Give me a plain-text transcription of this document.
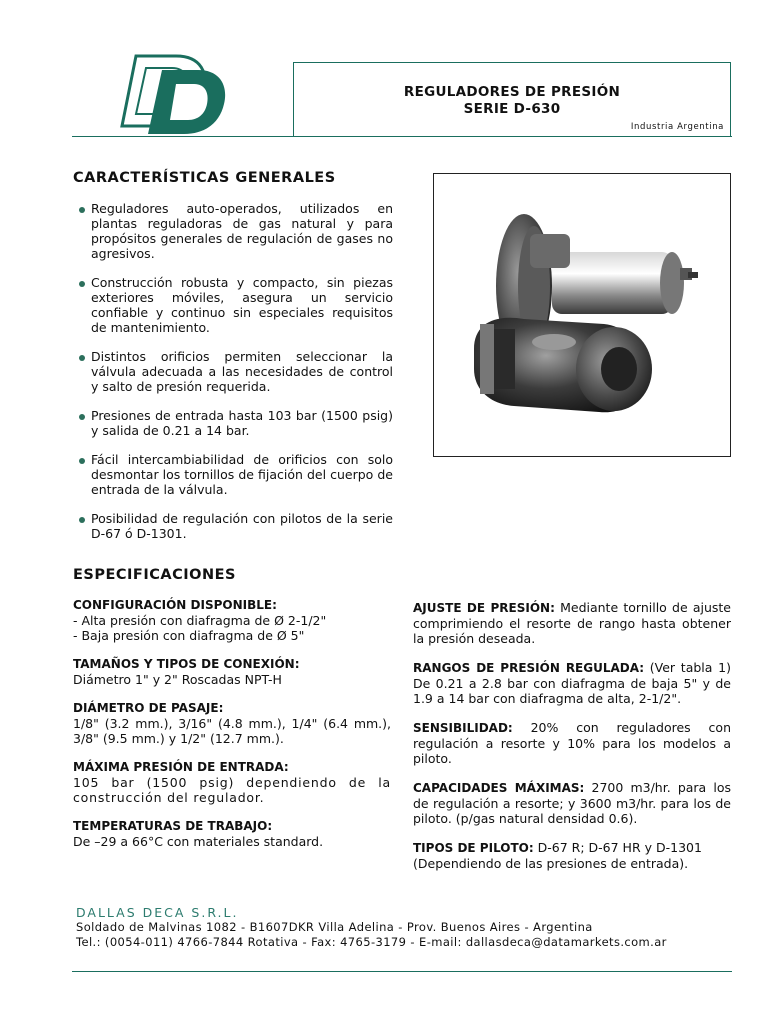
REGULADORES DE PRESIÓN
SERIE D-630
Industria Argentina
CARACTERÍSTICAS GENERALES
Reguladores auto-operados, utilizados en plantas reguladoras de gas natural y para propósitos generales de regulación de gases no agresivos.
Construcción robusta y compacto, sin piezas exteriores móviles, asegura un servicio confiable y continuo sin especiales requisitos de mantenimiento.
Distintos orificios permiten seleccionar la válvula adecuada a las necesidades de control y salto de presión requerida.
Presiones de entrada hasta 103 bar (1500 psig) y salida de 0.21 a 14 bar.
Fácil intercambiabilidad de orificios con solo desmontar los tornillos de fijación del cuerpo de entrada de la válvula.
Posibilidad de regulación con pilotos de la serie D-67 ó D-1301.
ESPECIFICACIONES
CONFIGURACIÓN DISPONIBLE:
- Alta presión con diafragma de Ø 2-1/2"
- Baja presión con diafragma de Ø 5"
TAMAÑOS Y TIPOS DE CONEXIÓN:
Diámetro 1" y 2" Roscadas NPT-H
DIÁMETRO DE PASAJE:
1/8" (3.2 mm.), 3/16" (4.8 mm.), 1/4" (6.4 mm.), 3/8" (9.5 mm.) y 1/2" (12.7 mm.).
MÁXIMA PRESIÓN DE ENTRADA:
105 bar (1500 psig) dependiendo de la construcción del regulador.
TEMPERATURAS DE TRABAJO:
De –29 a 66°C con materiales standard.
AJUSTE DE PRESIÓN: Mediante tornillo de ajuste comprimiendo el resorte de rango hasta obtener la presión deseada.
RANGOS DE PRESIÓN REGULADA: (Ver tabla 1) De 0.21 a 2.8 bar con diafragma de baja 5" y de 1.9 a 14 bar con diafragma de alta, 2-1/2".
SENSIBILIDAD: 20% con reguladores con regulación a resorte y 10% para los modelos a piloto.
CAPACIDADES MÁXIMAS: 2700 m3/hr. para los de regulación a resorte; y 3600 m3/hr. para los de piloto. (p/gas natural densidad 0.6).
TIPOS DE PILOTO: D-67 R; D-67 HR y D-1301 (Dependiendo de las presiones de entrada).
DALLAS DECA S.R.L.
Soldado de Malvinas 1082 - B1607DKR Villa Adelina - Prov. Buenos Aires - Argentina
Tel.: (0054-011) 4766-7844 Rotativa - Fax: 4765-3179 - E-mail: dallasdeca@datamarkets.com.ar
